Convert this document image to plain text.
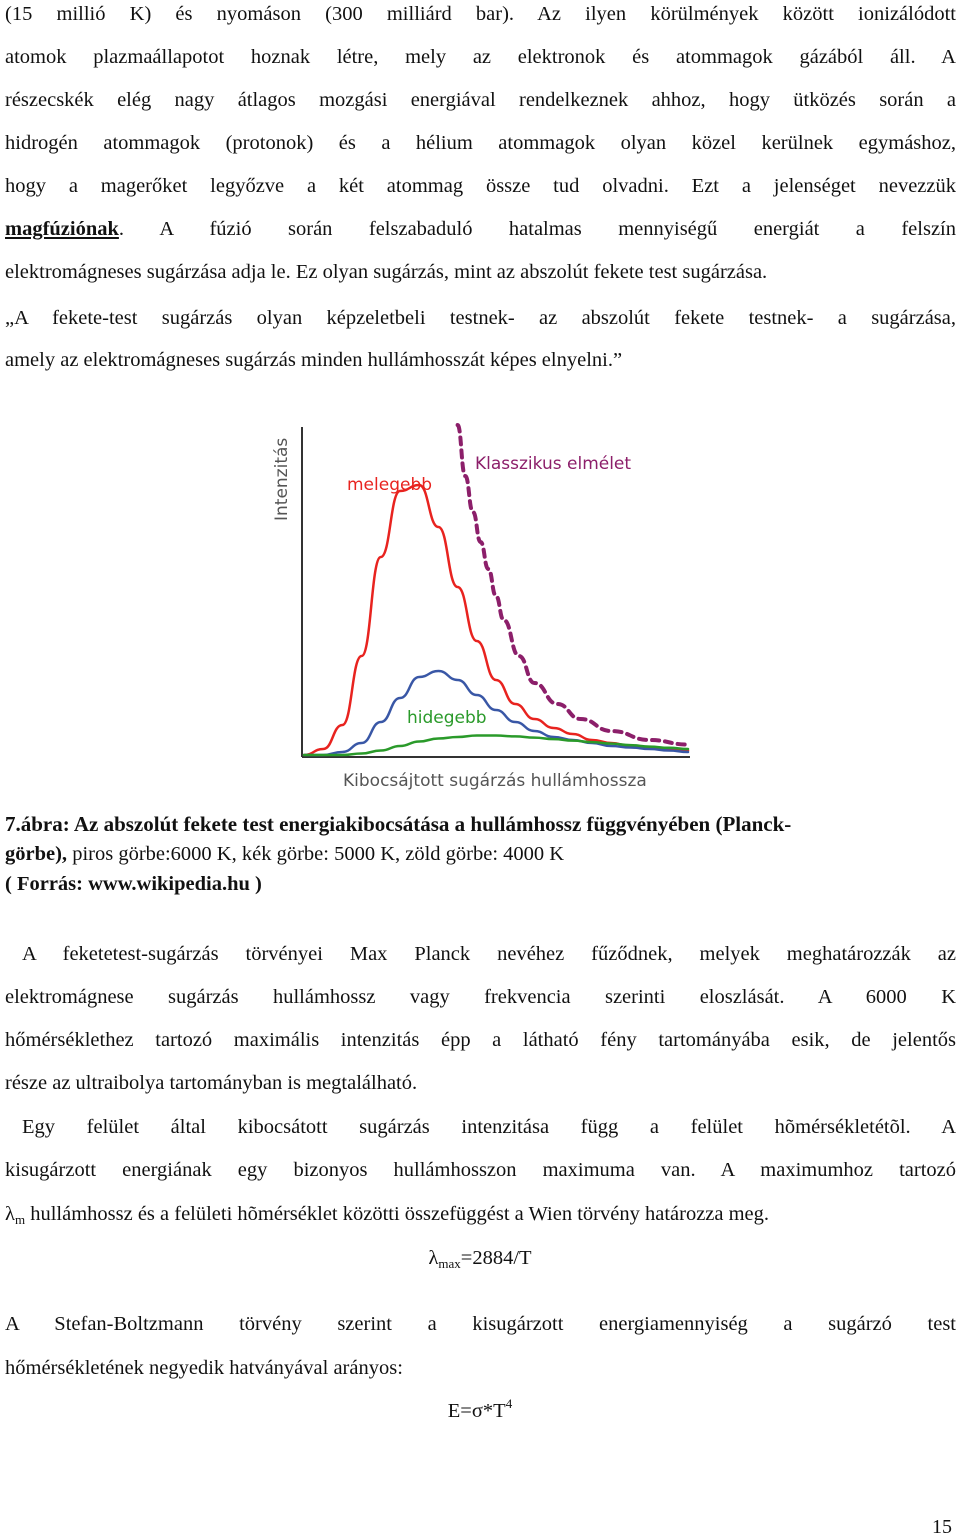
(15 millió K) és nyomáson (300 milliárd bar). Az ilyen körülmények között ionizálódott
atomok plazmaállapotot hoznak létre, mely az elektronok és atommagok gázából áll. A
részecskék elég nagy átlagos mozgási energiával rendelkeznek ahhoz, hogy ütközés során a
hidrogén atommagok (protonok) és a hélium atommagok olyan közel kerülnek egymáshoz,
hogy a magerőket legyőzve a két atommag össze tud olvadni. Ezt a jelenséget nevezzük
magfúziónak. A fúzió során felszabaduló hatalmas mennyiségű energiát a felszín
elektromágneses sugárzása adja le. Ez olyan sugárzás, mint az abszolút fekete test sugárzása.
„A fekete-test sugárzás olyan képzeletbeli testnek- az abszolút fekete testnek- a sugárzása,
amely az elektromágneses sugárzás minden hullámhosszát képes elnyelni.”
Intenzitás
Kibocsájtott sugárzás hullámhossza
Klasszikus elmélet
melegebb
hidegebb
7.ábra: Az abszolút fekete test energiakibocsátása a hullámhossz függvényében (Planck-
görbe), piros görbe:6000 K, kék görbe: 5000 K, zöld görbe: 4000 K
( Forrás: www.wikipedia.hu )
A feketetest-sugárzás törvényei Max Planck nevéhez fűződnek, melyek meghatározzák az
elektromágnese sugárzás hullámhossz vagy frekvencia szerinti eloszlását. A 6000 K
hőmérséklethez tartozó maximális intenzitás épp a látható fény tartományába esik, de jelentős
része az ultraibolya tartományban is megtalálható.
Egy felület által kibocsátott sugárzás intenzitása függ a felület hõmérsékletétõl. A
kisugárzott energiának egy bizonyos hullámhosszon maximuma van. A maximumhoz tartozó
$\lambda_m$ hullámhossz és a felületi hõmérséklet közötti összefüggést a Wien törvény határozza meg.
$\lambda_{max}=2884/T$
A Stefan-Boltzmann törvény szerint a kisugárzott energiamennyiség a sugárzó test
hőmérsékletének negyedik hatványával arányos:
$E=\sigma*T^4$
15
